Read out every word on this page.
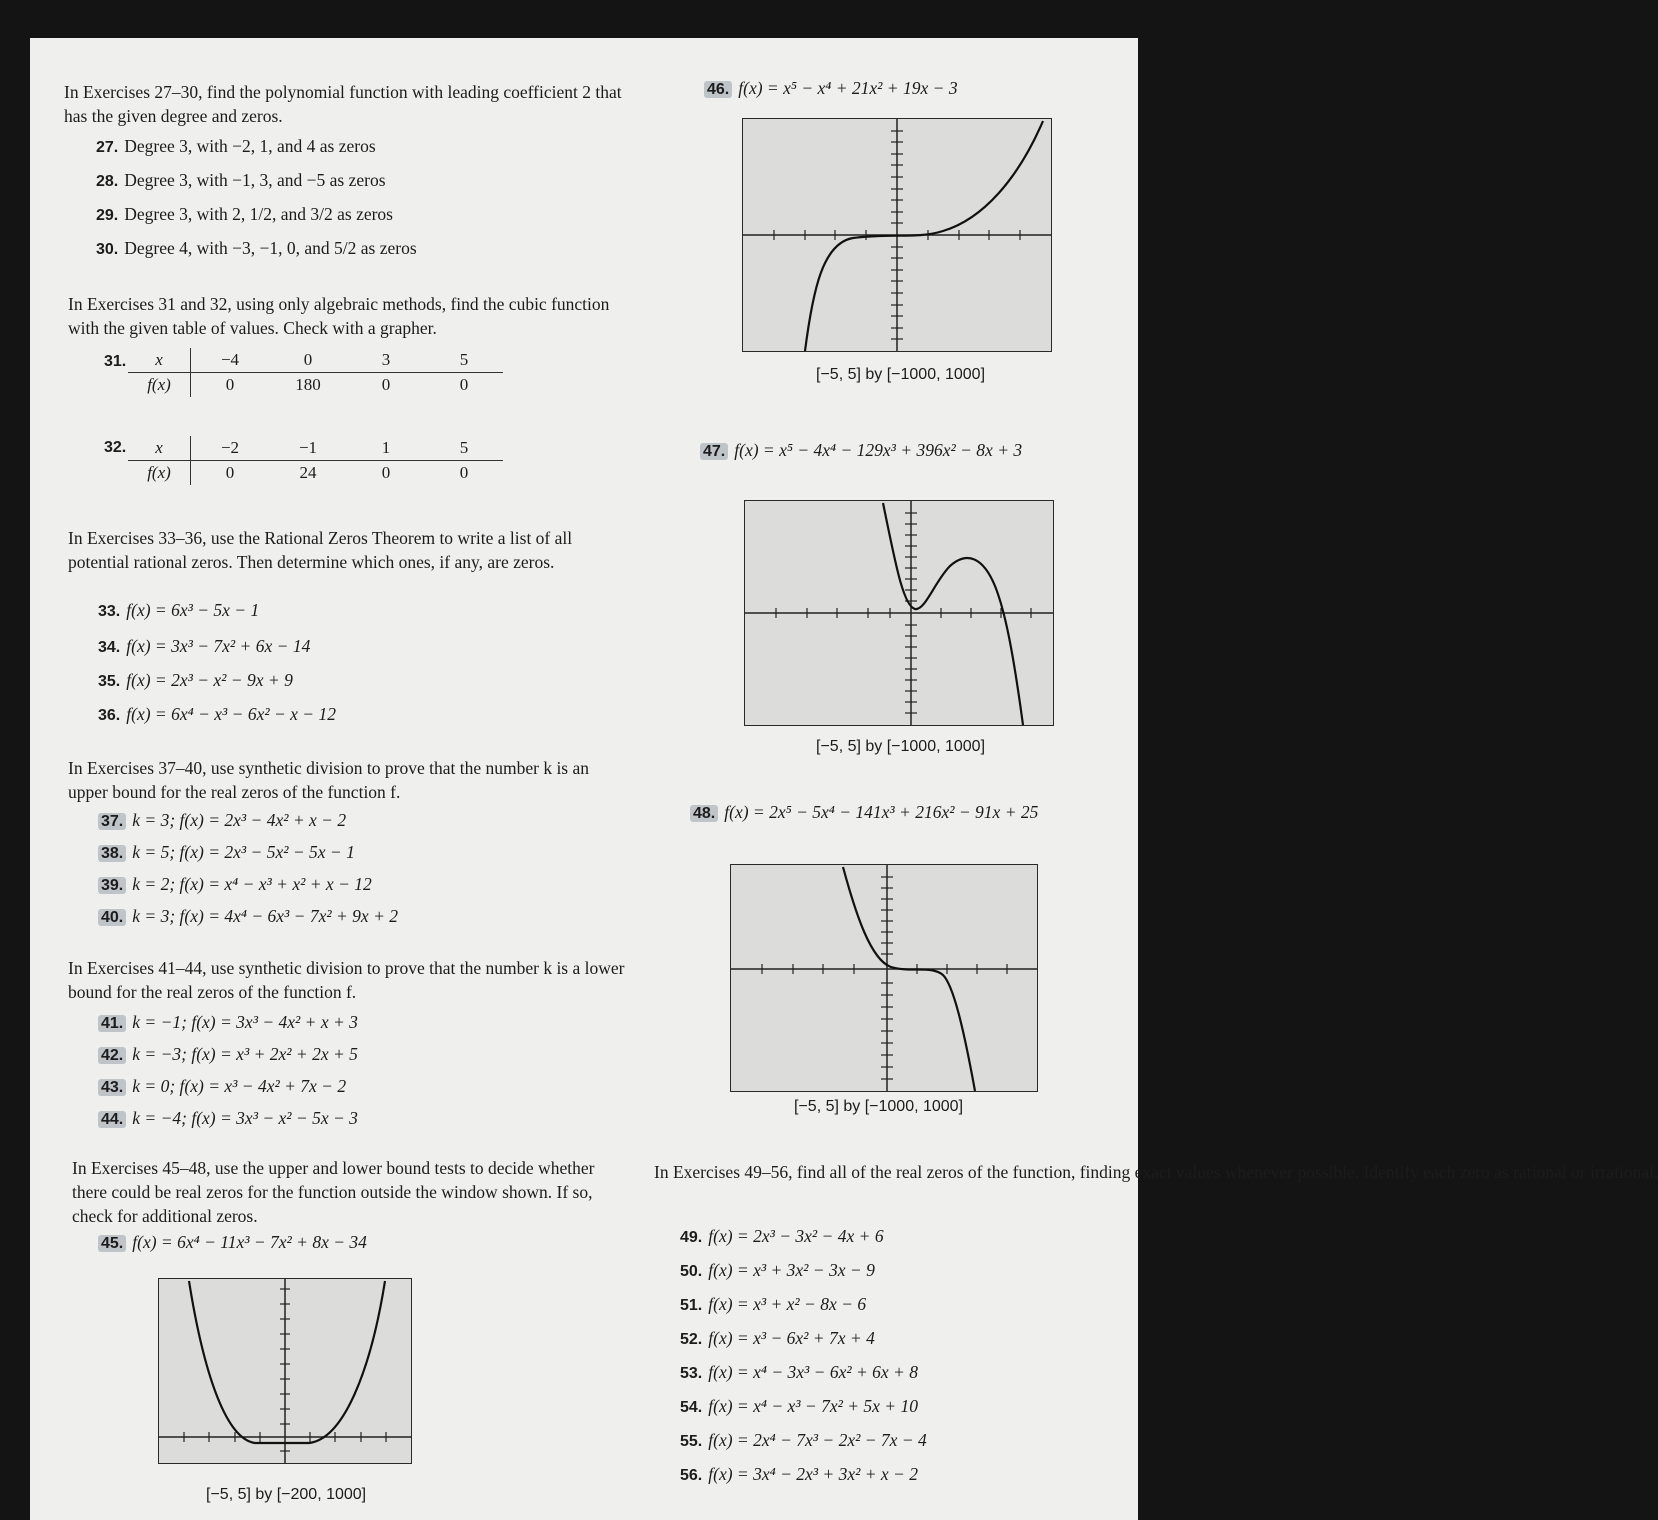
In Exercises 27–30, find the polynomial function with leading coefficient 2 that has the given degree and zeros.
27. Degree 3, with −2, 1, and 4 as zeros
28. Degree 3, with −1, 3, and −5 as zeros
29. Degree 3, with 2, 1/2, and 3/2 as zeros
30. Degree 4, with −3, −1, 0, and 5/2 as zeros
In Exercises 31 and 32, using only algebraic methods, find the cubic function with the given table of values. Check with a grapher.
31.	x	−4	0	3	5
f(x)	0	180	0	0
32.	x	−2	−1	1	5
f(x)	0	24	0	0
In Exercises 33–36, use the Rational Zeros Theorem to write a list of all potential rational zeros. Then determine which ones, if any, are zeros.
33. f(x) = 6x³ − 5x − 1
34. f(x) = 3x³ − 7x² + 6x − 14
35. f(x) = 2x³ − x² − 9x + 9
36. f(x) = 6x⁴ − x³ − 6x² − x − 12
In Exercises 37–40, use synthetic division to prove that the number k is an upper bound for the real zeros of the function f.
37. k = 3; f(x) = 2x³ − 4x² + x − 2
38. k = 5; f(x) = 2x³ − 5x² − 5x − 1
39. k = 2; f(x) = x⁴ − x³ + x² + x − 12
40. k = 3; f(x) = 4x⁴ − 6x³ − 7x² + 9x + 2
In Exercises 41–44, use synthetic division to prove that the number k is a lower bound for the real zeros of the function f.
41. k = −1; f(x) = 3x³ − 4x² + x + 3
42. k = −3; f(x) = x³ + 2x² + 2x + 5
43. k = 0; f(x) = x³ − 4x² + 7x − 2
44. k = −4; f(x) = 3x³ − x² − 5x − 3
In Exercises 45–48, use the upper and lower bound tests to decide whether there could be real zeros for the function outside the window shown. If so, check for additional zeros.
45. f(x) = 6x⁴ − 11x³ − 7x² + 8x − 34
[−5, 5] by [−200, 1000]
46. f(x) = x⁵ − x⁴ + 21x² + 19x − 3
[−5, 5] by [−1000, 1000]
47. f(x) = x⁵ − 4x⁴ − 129x³ + 396x² − 8x + 3
[−5, 5] by [−1000, 1000]
48. f(x) = 2x⁵ − 5x⁴ − 141x³ + 216x² − 91x + 25
[−5, 5] by [−1000, 1000]
In Exercises 49–56, find all of the real zeros of the function, finding exact values whenever possible. Identify each zero as rational or irrational.
49. f(x) = 2x³ − 3x² − 4x + 6
50. f(x) = x³ + 3x² − 3x − 9
51. f(x) = x³ + x² − 8x − 6
52. f(x) = x³ − 6x² + 7x + 4
53. f(x) = x⁴ − 3x³ − 6x² + 6x + 8
54. f(x) = x⁴ − x³ − 7x² + 5x + 10
55. f(x) = 2x⁴ − 7x³ − 2x² − 7x − 4
56. f(x) = 3x⁴ − 2x³ + 3x² + x − 2
